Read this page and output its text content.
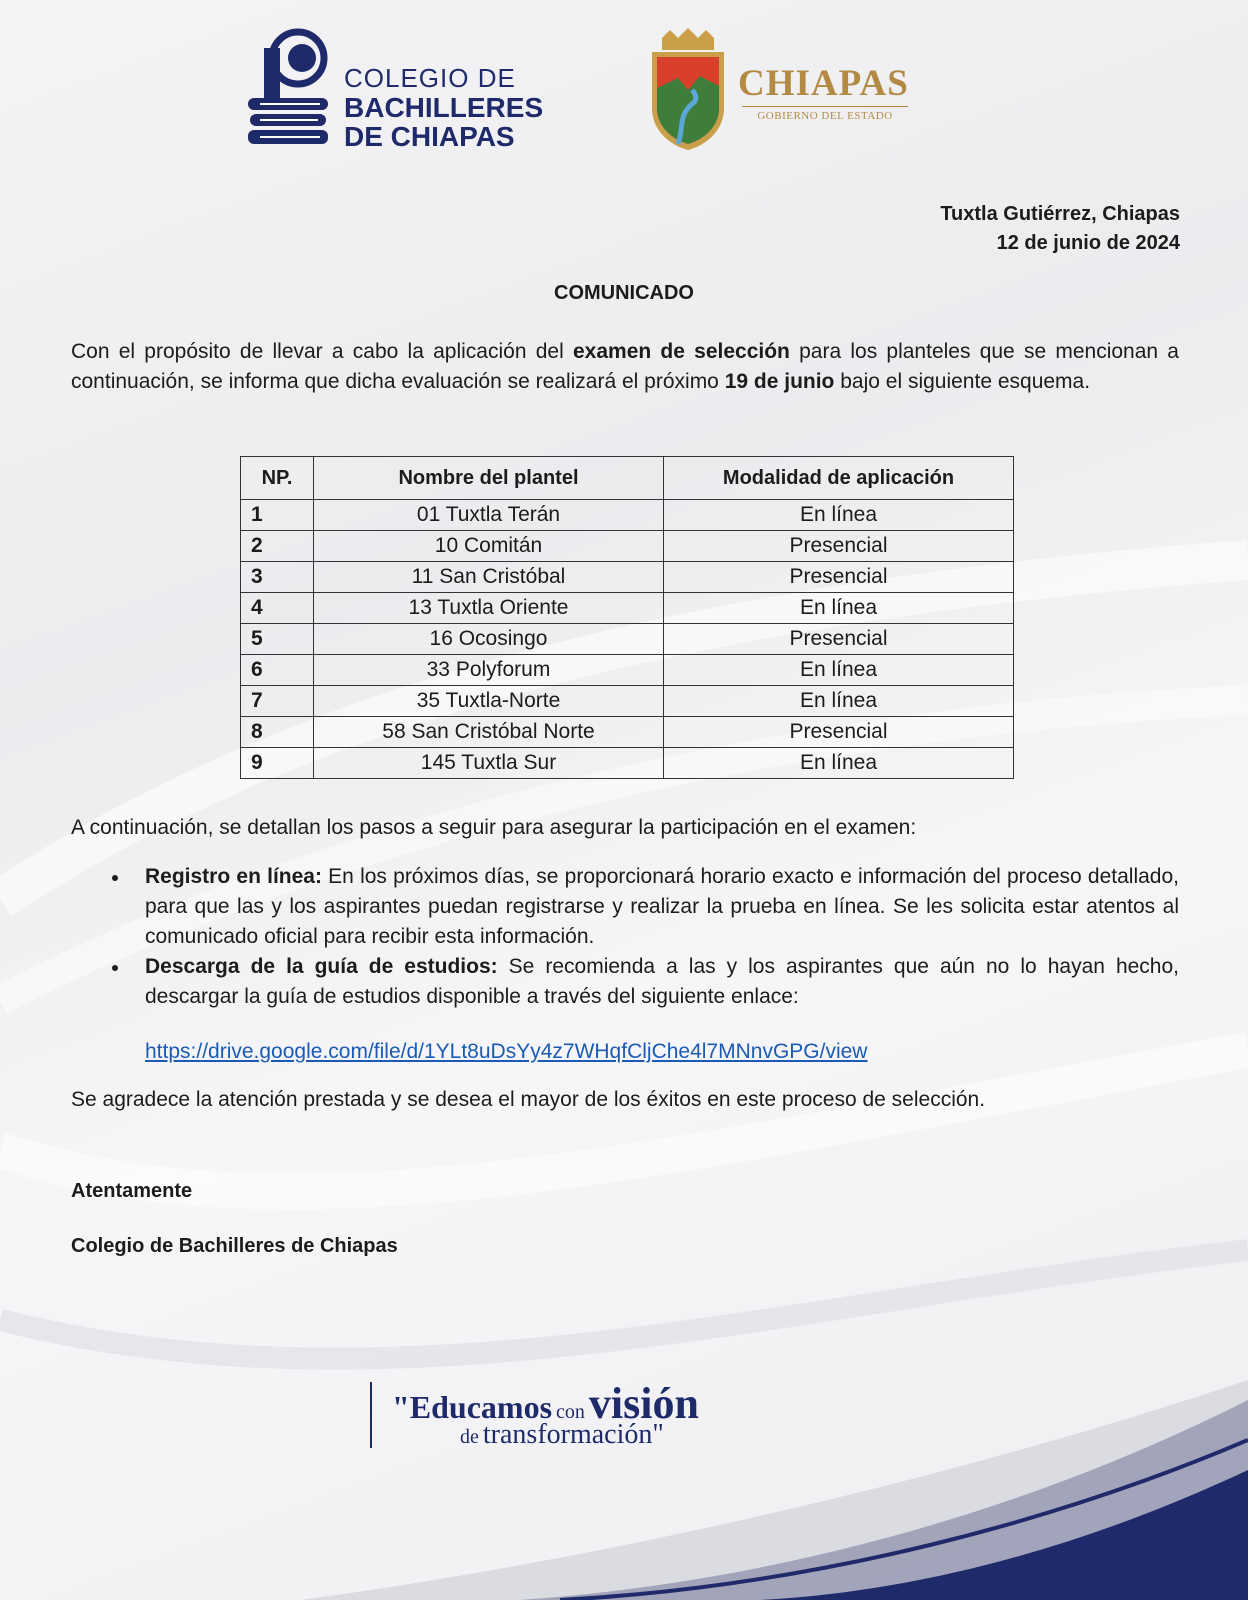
COLEGIO DE
BACHILLERES
DE CHIAPAS
CHIAPAS
GOBIERNO DEL ESTADO
Tuxtla Gutiérrez, Chiapas
12 de junio de 2024
COMUNICADO
Con el propósito de llevar a cabo la aplicación del examen de selección para los planteles que se mencionan a continuación, se informa que dicha evaluación se realizará el próximo 19 de junio bajo el siguiente esquema.
NP.	Nombre del plantel	Modalidad de aplicación
1	01 Tuxtla Terán	En línea
2	10 Comitán	Presencial
3	11 San Cristóbal	Presencial
4	13 Tuxtla Oriente	En línea
5	16 Ocosingo	Presencial
6	33 Polyforum	En línea
7	35 Tuxtla-Norte	En línea
8	58 San Cristóbal Norte	Presencial
9	145 Tuxtla Sur	En línea
A continuación, se detallan los pasos a seguir para asegurar la participación en el examen:
Registro en línea: En los próximos días, se proporcionará horario exacto e información del proceso detallado, para que las y los aspirantes puedan registrarse y realizar la prueba en línea. Se les solicita estar atentos al comunicado oficial para recibir esta información.
Descarga de la guía de estudios: Se recomienda a las y los aspirantes que aún no lo hayan hecho, descargar la guía de estudios disponible a través del siguiente enlace:
https://drive.google.com/file/d/1YLt8uDsYy4z7WHqfCljChe4l7MNnvGPG/view
Se agradece la atención prestada y se desea el mayor de los éxitos en este proceso de selección.
Atentamente
Colegio de Bachilleres de Chiapas
"Educamos con visión
de transformación"
